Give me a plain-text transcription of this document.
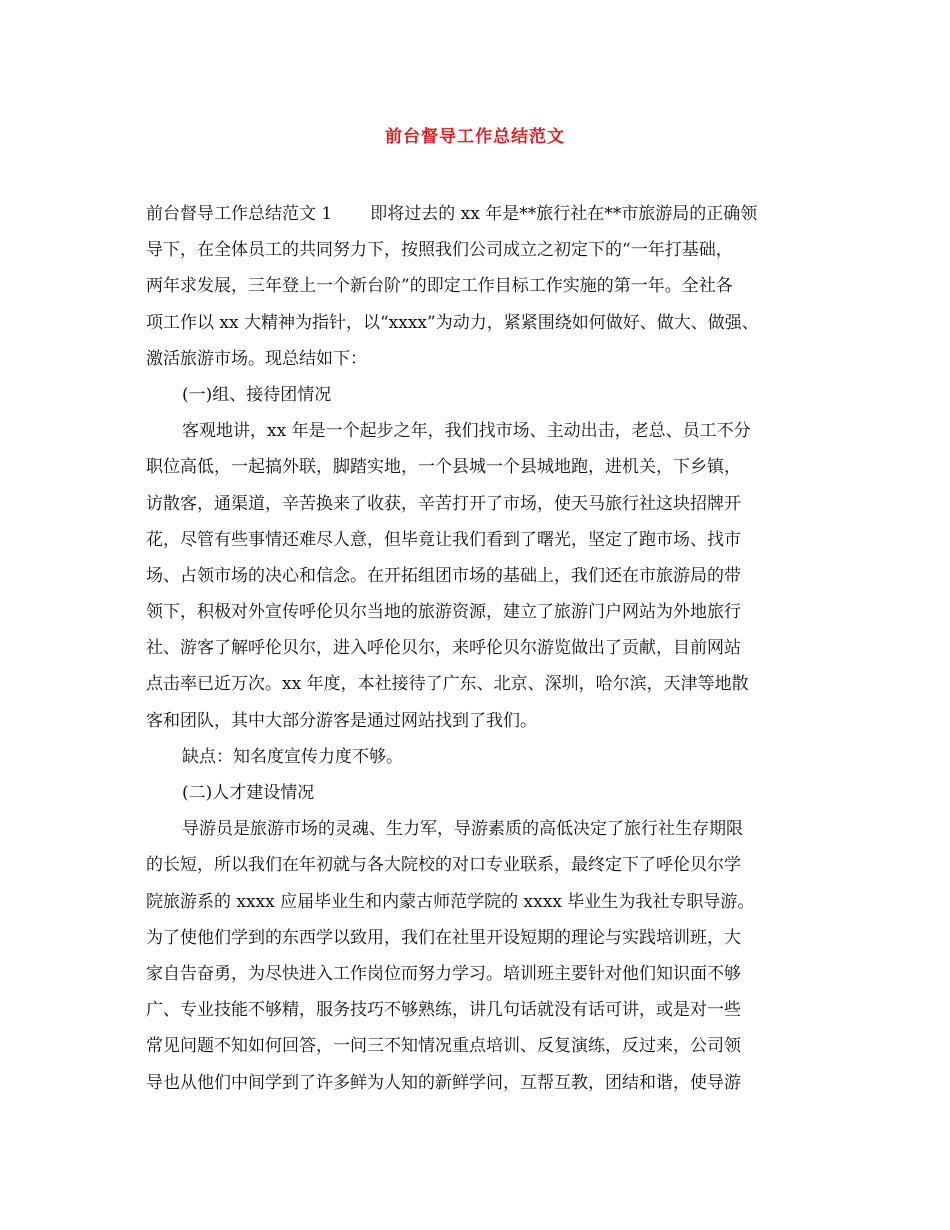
前台督导工作总结范文
前台督导工作总结范文 1 即将过去的 xx 年是**旅行社在**市旅游局的正确领
导下，在全体员工的共同努力下，按照我们公司成立之初定下的“一年打基础，
两年求发展，三年登上一个新台阶”的即定工作目标工作实施的第一年。全社各
项工作以 xx 大精神为指针，以“xxxx”为动力，紧紧围绕如何做好、做大、做强、
激活旅游市场。现总结如下：
(一)组、接待团情况
客观地讲，xx 年是一个起步之年，我们找市场、主动出击，老总、员工不分
职位高低，一起搞外联，脚踏实地，一个县城一个县城地跑，进机关，下乡镇，
访散客，通渠道，辛苦换来了收获，辛苦打开了市场，使天马旅行社这块招牌开
花，尽管有些事情还难尽人意，但毕竟让我们看到了曙光，坚定了跑市场、找市
场、占领市场的决心和信念。在开拓组团市场的基础上，我们还在市旅游局的带
领下，积极对外宣传呼伦贝尔当地的旅游资源，建立了旅游门户网站为外地旅行
社、游客了解呼伦贝尔，进入呼伦贝尔，来呼伦贝尔游览做出了贡献，目前网站
点击率已近万次。xx 年度，本社接待了广东、北京、深圳，哈尔滨，天津等地散
客和团队，其中大部分游客是通过网站找到了我们。
缺点：知名度宣传力度不够。
(二)人才建设情况
导游员是旅游市场的灵魂、生力军，导游素质的高低决定了旅行社生存期限
的长短，所以我们在年初就与各大院校的对口专业联系，最终定下了呼伦贝尔学
院旅游系的 xxxx 应届毕业生和内蒙古师范学院的 xxxx 毕业生为我社专职导游。
为了使他们学到的东西学以致用，我们在社里开设短期的理论与实践培训班，大
家自告奋勇，为尽快进入工作岗位而努力学习。培训班主要针对他们知识面不够
广、专业技能不够精，服务技巧不够熟练，讲几句话就没有话可讲，或是对一些
常见问题不知如何回答，一问三不知情况重点培训、反复演练，反过来，公司领
导也从他们中间学到了许多鲜为人知的新鲜学问，互帮互教，团结和谐，使导游
